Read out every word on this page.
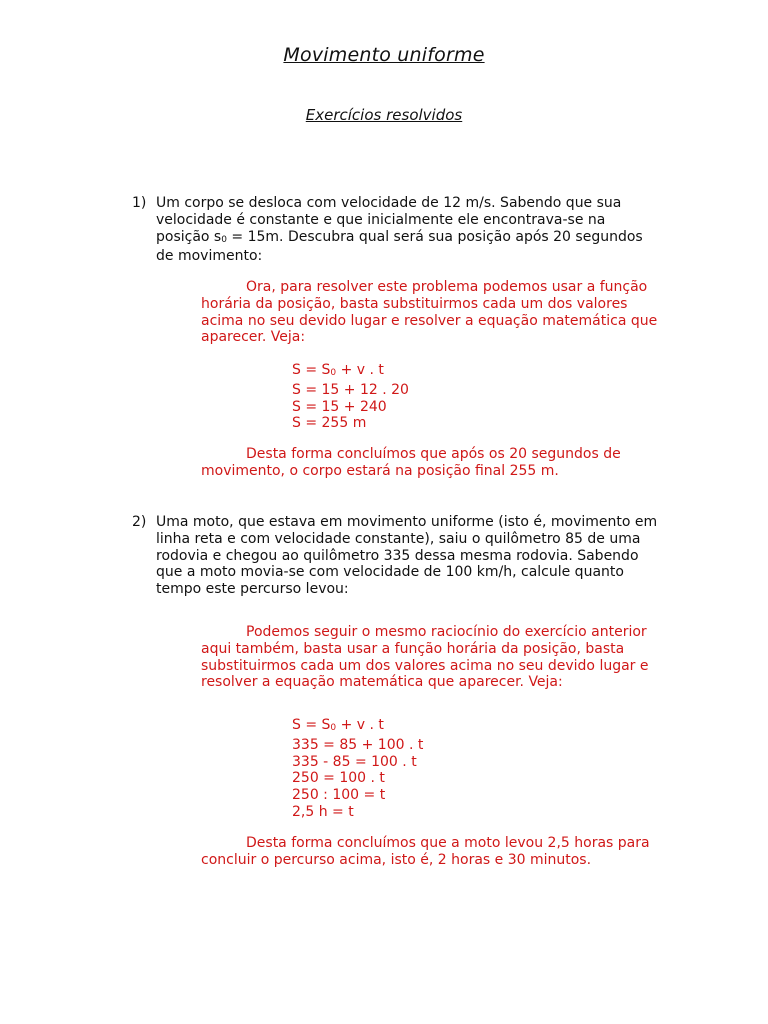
Movimento uniforme
Exercícios resolvidos
1) Um corpo se desloca com velocidade de 12 m/s. Sabendo que sua velocidade é constante e que inicialmente ele encontrava-se na posição s0 = 15m. Descubra qual será sua posição após 20 segundos de movimento:
Ora, para resolver este problema podemos usar a função horária da posição, basta substituirmos cada um dos valores acima no seu devido lugar e resolver a equação matemática que aparecer. Veja:
S = S0 + v . t
S = 15 + 12 . 20
S = 15 + 240
S = 255 m
Desta forma concluímos que após os 20 segundos de movimento, o corpo estará na posição final 255 m.
2) Uma moto, que estava em movimento uniforme (isto é, movimento em linha reta e com velocidade constante), saiu o quilômetro 85 de uma rodovia e chegou ao quilômetro 335 dessa mesma rodovia. Sabendo que a moto movia-se com velocidade de 100 km/h, calcule quanto tempo este percurso levou:
Podemos seguir o mesmo raciocínio do exercício anterior aqui também, basta usar a função horária da posição, basta substituirmos cada um dos valores acima no seu devido lugar e resolver a equação matemática que aparecer. Veja:
S = S0 + v . t
335 = 85 + 100 . t
335 - 85 = 100 . t
250 = 100 . t
250 : 100 = t
2,5 h = t
Desta forma concluímos que a moto levou 2,5 horas para concluir o percurso acima, isto é, 2 horas e 30 minutos.
